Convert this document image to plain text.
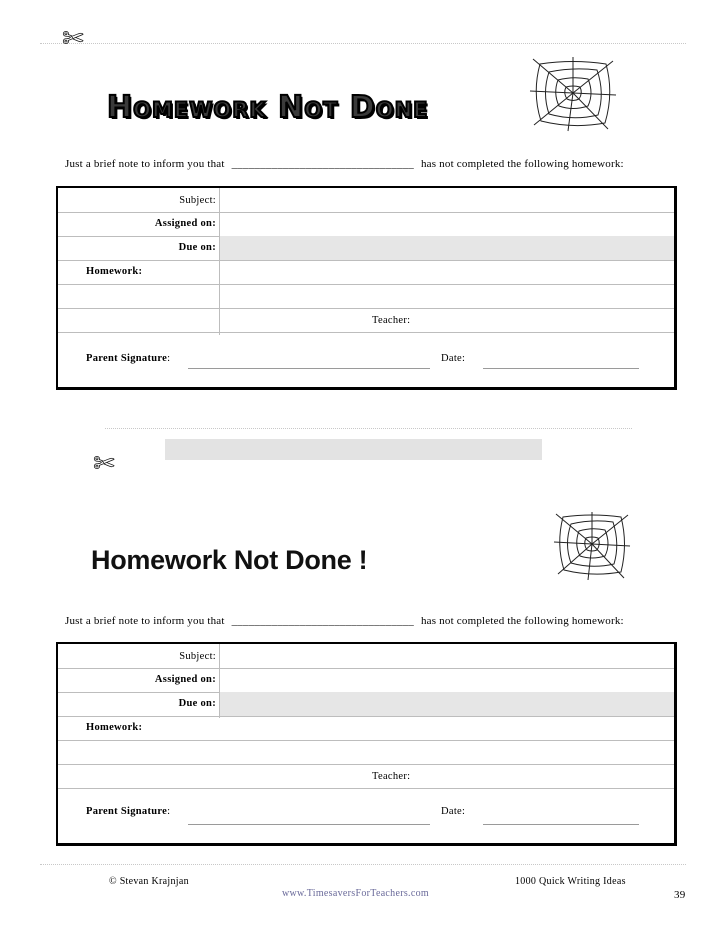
✄
Homework Not Done
Just a brief note to inform you that ________________________________ has not completed the following homework:
Subject:
Assigned on:
Due on:
Homework:
Teacher:
Parent Signature:	Date:
✄
Homework Not Done !
Just a brief note to inform you that ________________________________ has not completed the following homework:
Subject:
Assigned on:
Due on:
Homework:
Teacher:
Parent Signature:	Date:
© Stevan Krajnjan	1000 Quick Writing Ideas
www.TimesaversForTeachers.com	39
